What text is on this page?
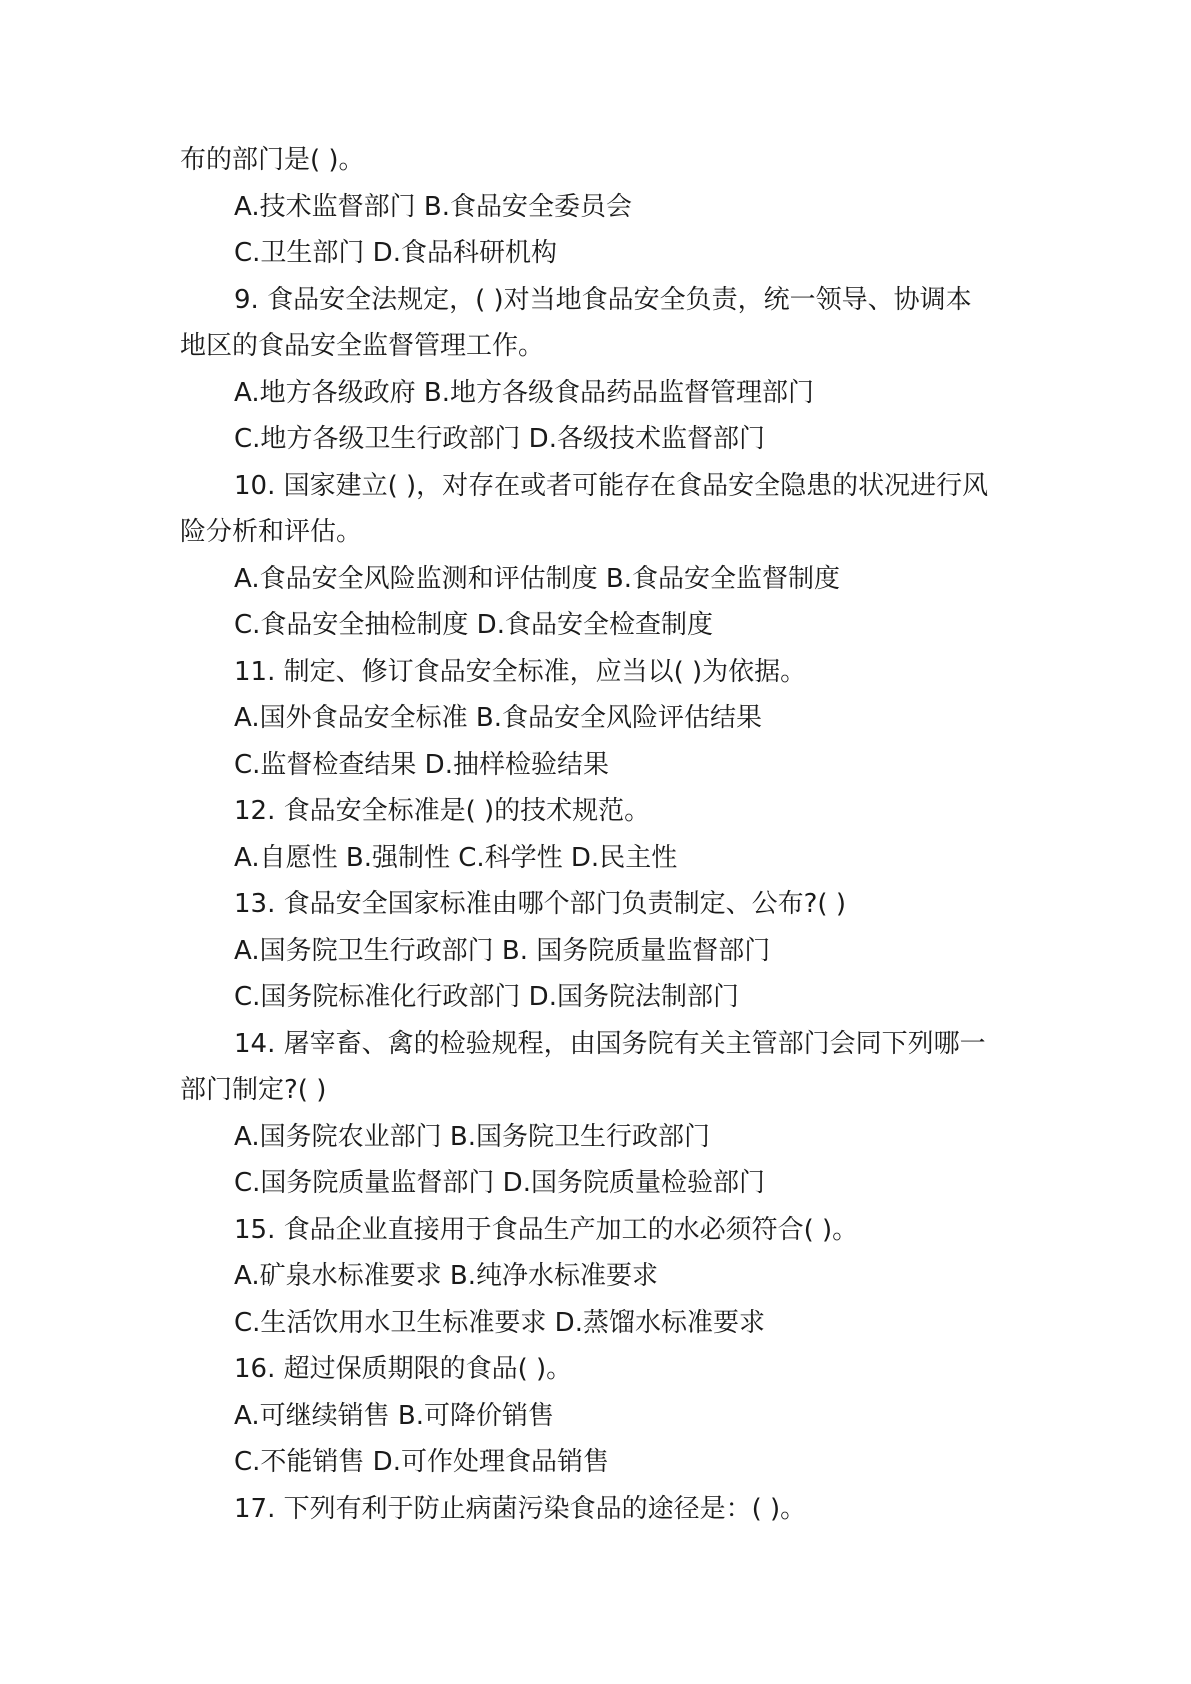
布的部门是( )。
A.技术监督部门 B.食品安全委员会
C.卫生部门 D.食品科研机构
9. 食品安全法规定，( )对当地食品安全负责，统一领导、协调本
地区的食品安全监督管理工作。
A.地方各级政府 B.地方各级食品药品监督管理部门
C.地方各级卫生行政部门 D.各级技术监督部门
10. 国家建立( )，对存在或者可能存在食品安全隐患的状况进行风
险分析和评估。
A.食品安全风险监测和评估制度 B.食品安全监督制度
C.食品安全抽检制度 D.食品安全检查制度
11. 制定、修订食品安全标准，应当以( )为依据。
A.国外食品安全标准 B.食品安全风险评估结果
C.监督检查结果 D.抽样检验结果
12. 食品安全标准是( )的技术规范。
A.自愿性 B.强制性 C.科学性 D.民主性
13. 食品安全国家标准由哪个部门负责制定、公布?( )
A.国务院卫生行政部门 B. 国务院质量监督部门
C.国务院标准化行政部门 D.国务院法制部门
14. 屠宰畜、禽的检验规程，由国务院有关主管部门会同下列哪一
部门制定?( )
A.国务院农业部门 B.国务院卫生行政部门
C.国务院质量监督部门 D.国务院质量检验部门
15. 食品企业直接用于食品生产加工的水必须符合( )。
A.矿泉水标准要求 B.纯净水标准要求
C.生活饮用水卫生标准要求 D.蒸馏水标准要求
16. 超过保质期限的食品( )。
A.可继续销售 B.可降价销售
C.不能销售 D.可作处理食品销售
17. 下列有利于防止病菌污染食品的途径是：( )。
